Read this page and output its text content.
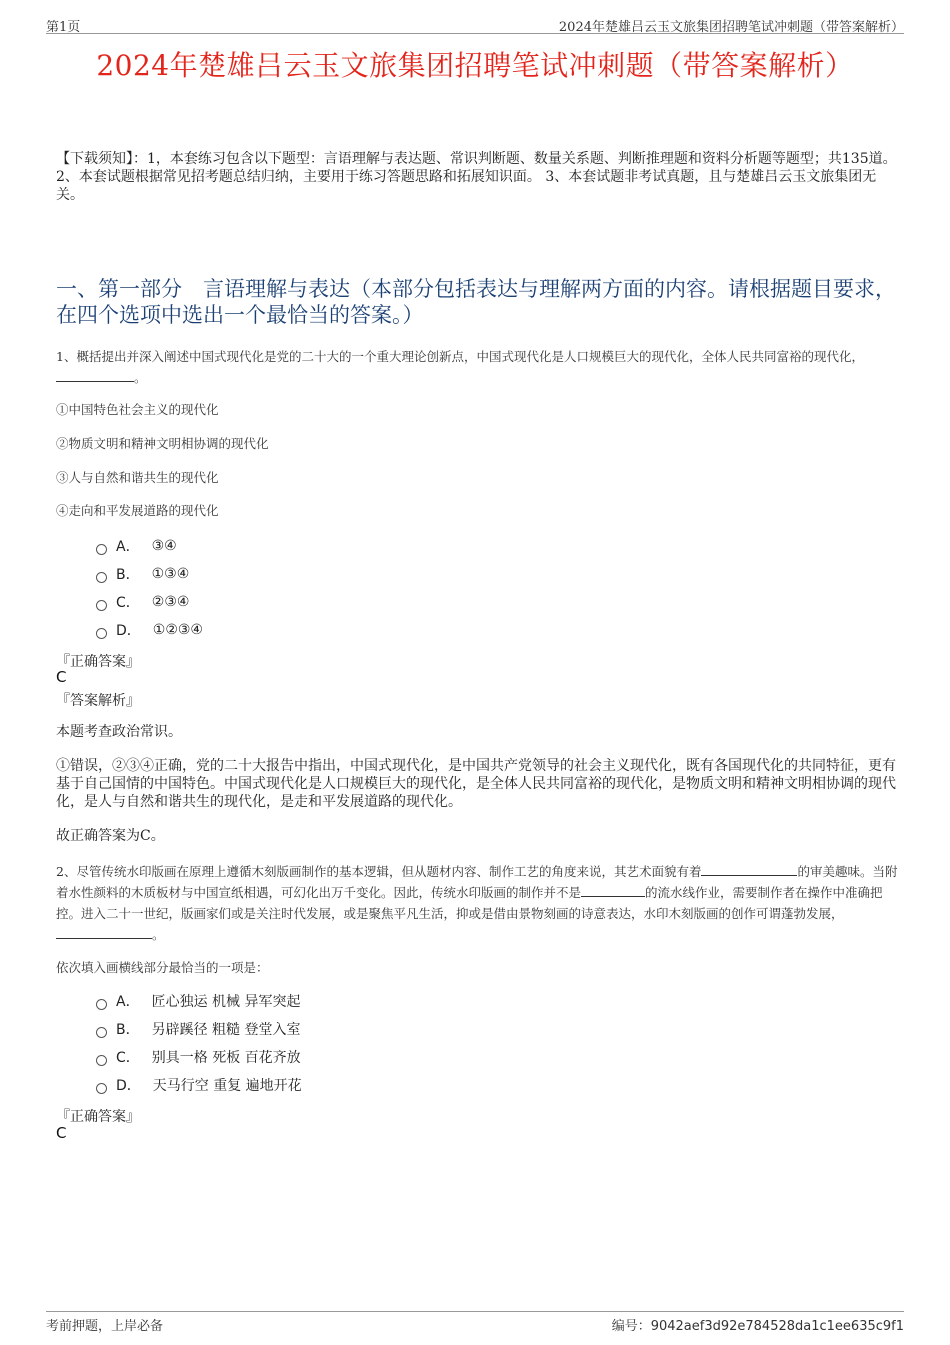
第1页	2024年楚雄吕云玉文旅集团招聘笔试冲刺题（带答案解析）
2024年楚雄吕云玉文旅集团招聘笔试冲刺题（带答案解析）
【下载须知】：1，本套练习包含以下题型：言语理解与表达题、常识判断题、数量关系题、判断推理题和资料分析题等题型；共135道。 2、本套试题根据常见招考题总结归纳，主要用于练习答题思路和拓展知识面。 3、本套试题非考试真题，且与楚雄吕云玉文旅集团无关。
一、第一部分　言语理解与表达（本部分包括表达与理解两方面的内容。请根据题目要求，在四个选项中选出一个最恰当的答案。）
1、概括提出并深入阐述中国式现代化是党的二十大的一个重大理论创新点，中国式现代化是人口规模巨大的现代化，全体人民共同富裕的现代化，。
①中国特色社会主义的现代化
②物质文明和精神文明相协调的现代化
③人与自然和谐共生的现代化
④走向和平发展道路的现代化
A． ③④
B． ①③④
C． ②③④
D． ①②③④
『正确答案』
C
『答案解析』
本题考查政治常识。
①错误，②③④正确，党的二十大报告中指出，中国式现代化，是中国共产党领导的社会主义现代化，既有各国现代化的共同特征，更有基于自己国情的中国特色。中国式现代化是人口规模巨大的现代化，是全体人民共同富裕的现代化，是物质文明和精神文明相协调的现代化，是人与自然和谐共生的现代化，是走和平发展道路的现代化。
故正确答案为C。
2、尽管传统水印版画在原理上遵循木刻版画制作的基本逻辑，但从题材内容、制作工艺的角度来说，其艺术面貌有着	的审美趣味。当附着水性颜料的木质板材与中国宣纸相遇，可幻化出万千变化。因此，传统水印版画的制作并不是	的流水线作业，需要制作者在操作中准确把控。进入二十一世纪，版画家们或是关注时代发展，或是聚焦平凡生活，抑或是借由景物刻画的诗意表达，水印木刻版画的创作可谓蓬勃发展，。
依次填入画横线部分最恰当的一项是：
A． 匠心独运 机械 异军突起
B． 另辟蹊径 粗糙 登堂入室
C． 别具一格 死板 百花齐放
D． 天马行空 重复 遍地开花
『正确答案』
C
考前押题，上岸必备	编号：9042aef3d92e784528da1c1ee635c9f1
